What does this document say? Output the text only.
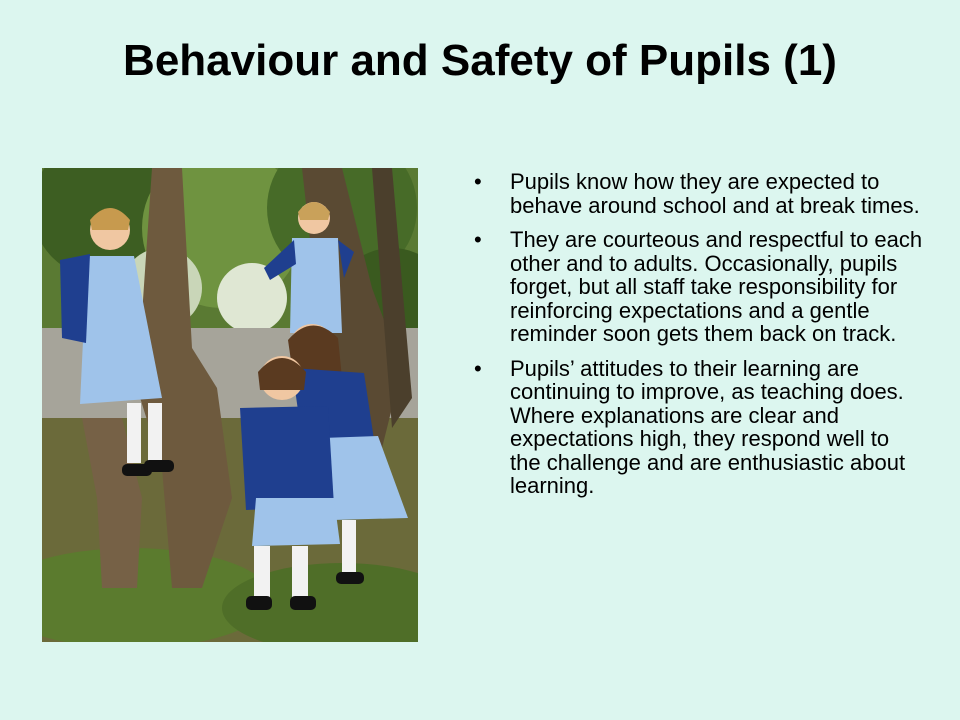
Behaviour and Safety of Pupils (1)
• Pupils know how they are expected to behave around school and at break times.
• They are courteous and respectful to each other and to adults. Occasionally, pupils forget, but all staff take responsibility for reinforcing expectations and a gentle reminder soon gets them back on track.
• Pupils’ attitudes to their learning are continuing to improve, as teaching does. Where explanations are clear and expectations high, they respond well to the challenge and are enthusiastic about learning.
